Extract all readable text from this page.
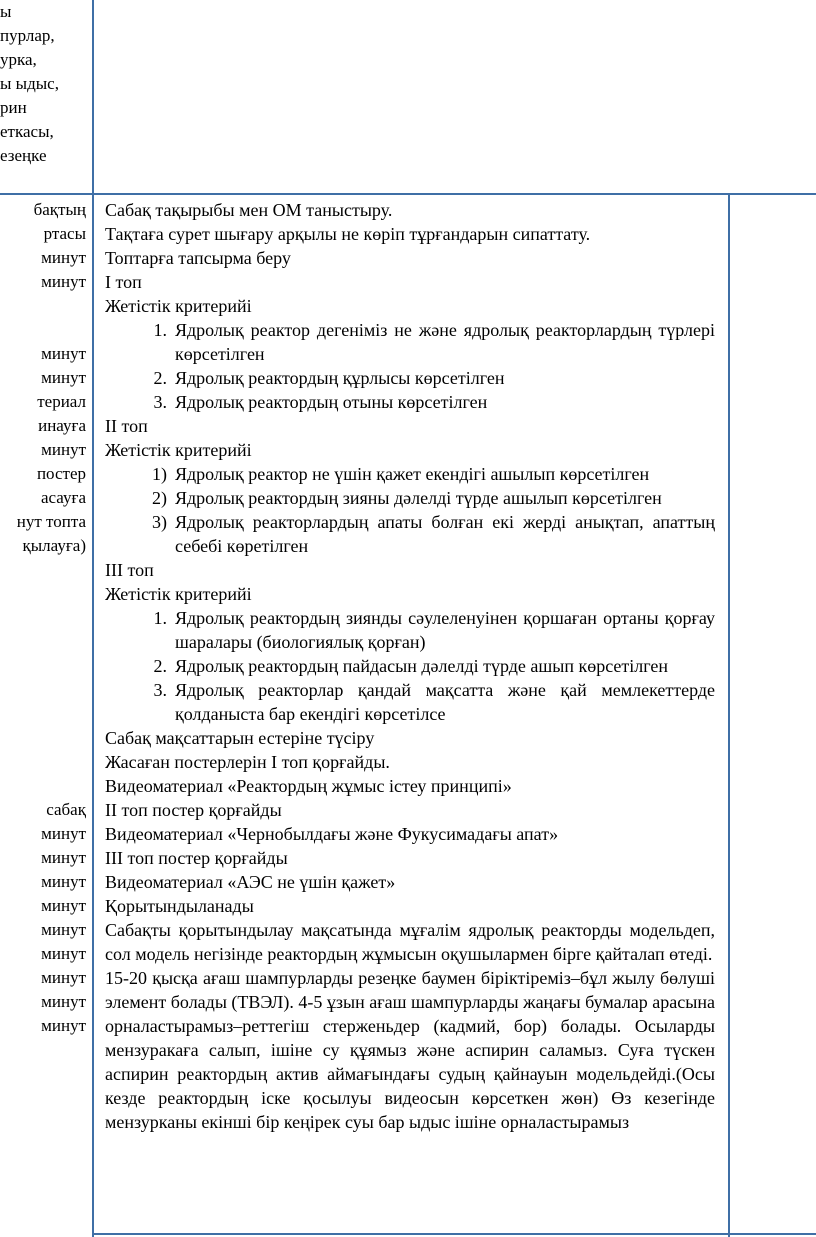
ы
пурлар,
урка,
ы ыдыс,
рин
еткасы,
езеңке
бақтың
ртасы
минут
минут
минут
минут
териал
инауға
минут
постер
асауға
нут топта
қылауға)
сабақ
минут
минут
минут
минут
минут
минут
минут
минут
минут
Сабақ тақырыбы мен ОМ таныстыру.
Тақтаға сурет шығару арқылы не көріп тұрғандарын сипаттату.
Топтарға тапсырма беру
І топ
Жетістік критерийі
1. Ядролық реактор дегеніміз не және ядролық реакторлардың түрлері көрсетілген
2. Ядролық реактордың құрлысы көрсетілген
3. Ядролық реактордың отыны көрсетілген
ІІ топ
Жетістік критерийі
1) Ядролық реактор не үшін қажет екендігі ашылып көрсетілген
2) Ядролық реактордың зияны дәлелді түрде ашылып көрсетілген
3) Ядролық реакторлардың апаты болған екі жерді анықтап, апаттың себебі көретілген
ІІІ топ
Жетістік критерийі
1. Ядролық реактордың зиянды сәулеленуінен қоршаған ортаны қорғау шаралары (биологиялық қорған)
2. Ядролық реактордың пайдасын дәлелді түрде ашып көрсетілген
3. Ядролық реакторлар қандай мақсатта және қай мемлекеттерде қолданыста бар екендігі көрсетілсе
Сабақ мақсаттарын естеріне түсіру
Жасаған постерлерін І топ қорғайды.
Видеоматериал «Реактордың жұмыс істеу принципі»
ІІ топ постер қорғайды
Видеоматериал «Чернобылдағы және Фукусимадағы апат»
ІІІ топ постер қорғайды
Видеоматериал «АЭС не үшін қажет»
Қорытындыланады
Сабақты қорытындылау мақсатында мұғалім ядролық реакторды модельдеп, сол модель негізінде реактордың жұмысын оқушылармен бірге қайталап өтеді.
15-20 қысқа ағаш шампурларды резеңке баумен біріктіреміз–бұл жылу бөлуші элемент болады (ТВЭЛ). 4-5 ұзын ағаш шампурларды жаңағы бумалар арасына орналастырамыз–реттегіш стерженьдер (кадмий, бор) болады. Осыларды мензуракаға салып, ішіне су құямыз және аспирин саламыз. Суға түскен аспирин реактордың актив аймағындағы судың қайнауын модельдейді.(Осы кезде реактордың іске қосылуы видеосын көрсеткен жөн) Өз кезегінде мензурканы екінші бір кеңірек суы бар ыдыс ішіне орналастырамыз
